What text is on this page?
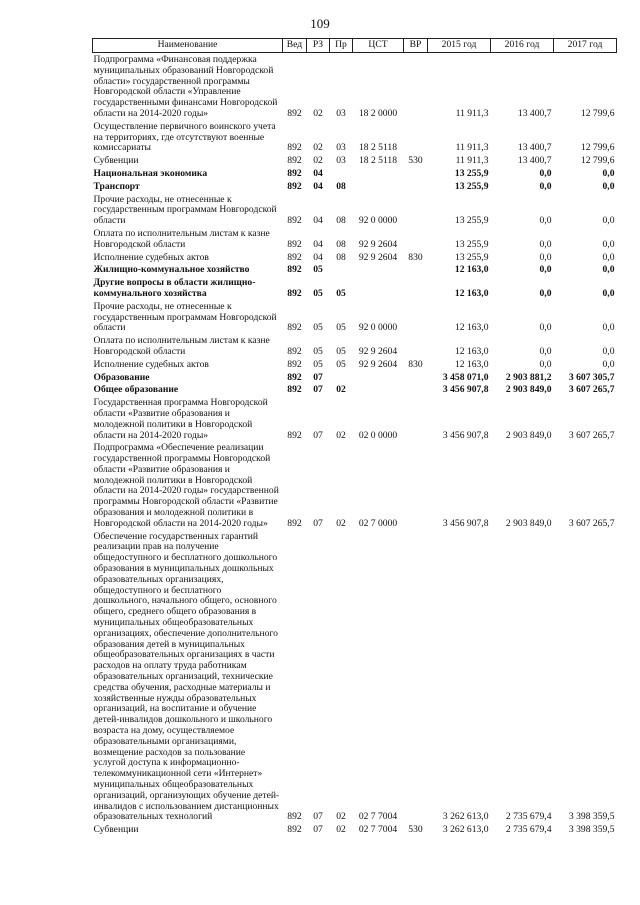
109
Наименование	Вед	РЗ	Пр	ЦСТ	ВР	2015 год	2016 год	2017 год
Подпрограмма «Финансовая поддержка муниципальных образований Новгородской области» государственной программы Новгородской области «Управление государственными финансами Новгородской области на 2014-2020 годы»	892	02	03	18 2 0000		11 911,3	13 400,7	12 799,6
Осуществление первичного воинского учета на территориях, где отсутствуют военные комиссариаты	892	02	03	18 2 5118		11 911,3	13 400,7	12 799,6
Субвенции	892	02	03	18 2 5118	530	11 911,3	13 400,7	12 799,6
Национальная экономика	892	04				13 255,9	0,0	0,0
Транспорт	892	04	08			13 255,9	0,0	0,0
Прочие расходы, не отнесенные к государственным программам Новгородской области	892	04	08	92 0 0000		13 255,9	0,0	0,0
Оплата по исполнительным листам к казне Новгородской области	892	04	08	92 9 2604		13 255,9	0,0	0,0
Исполнение судебных актов	892	04	08	92 9 2604	830	13 255,9	0,0	0,0
Жилищно-коммунальное хозяйство	892	05				12 163,0	0,0	0,0
Другие вопросы в области жилищно-коммунального хозяйства	892	05	05			12 163,0	0,0	0,0
Прочие расходы, не отнесенные к государственным программам Новгородской области	892	05	05	92 0 0000		12 163,0	0,0	0,0
Оплата по исполнительным листам к казне Новгородской области	892	05	05	92 9 2604		12 163,0	0,0	0,0
Исполнение судебных актов	892	05	05	92 9 2604	830	12 163,0	0,0	0,0
Образование	892	07				3 458 071,0	2 903 881,2	3 607 305,7
Общее образование	892	07	02			3 456 907,8	2 903 849,0	3 607 265,7
Государственная программа Новгородской области «Развитие образования и молодежной политики в Новгородской области на 2014-2020 годы»	892	07	02	02 0 0000		3 456 907,8	2 903 849,0	3 607 265,7
Подпрограмма «Обеспечение реализации государственной программы Новгородской области «Развитие образования и молодежной политики в Новгородской области на 2014-2020 годы» государственной программы Новгородской области «Развитие образования и молодежной политики в Новгородской области на 2014-2020 годы»	892	07	02	02 7 0000		3 456 907,8	2 903 849,0	3 607 265,7
Обеспечение государственных гарантий реализации прав на получение общедоступного и бесплатного дошкольного образования в муниципальных дошкольных образовательных организациях, общедоступного и бесплатного дошкольного, начального общего, основного общего, среднего общего образования в муниципальных общеобразовательных организациях, обеспечение дополнительного образования детей в муниципальных общеобразовательных организациях в части расходов на оплату труда работникам образовательных организаций, технические средства обучения, расходные материалы и хозяйственные нужды образовательных организаций, на воспитание и обучение детей-инвалидов дошкольного и школьного возраста на дому, осуществляемое образовательными организациями, возмещение расходов за пользование услугой доступа к информационно-телекоммуникационной сети «Интернет» муниципальных общеобразовательных организаций, организующих обучение детей-инвалидов с использованием дистанционных образовательных технологий	892	07	02	02 7 7004		3 262 613,0	2 735 679,4	3 398 359,5
Субвенции	892	07	02	02 7 7004	530	3 262 613,0	2 735 679,4	3 398 359,5
